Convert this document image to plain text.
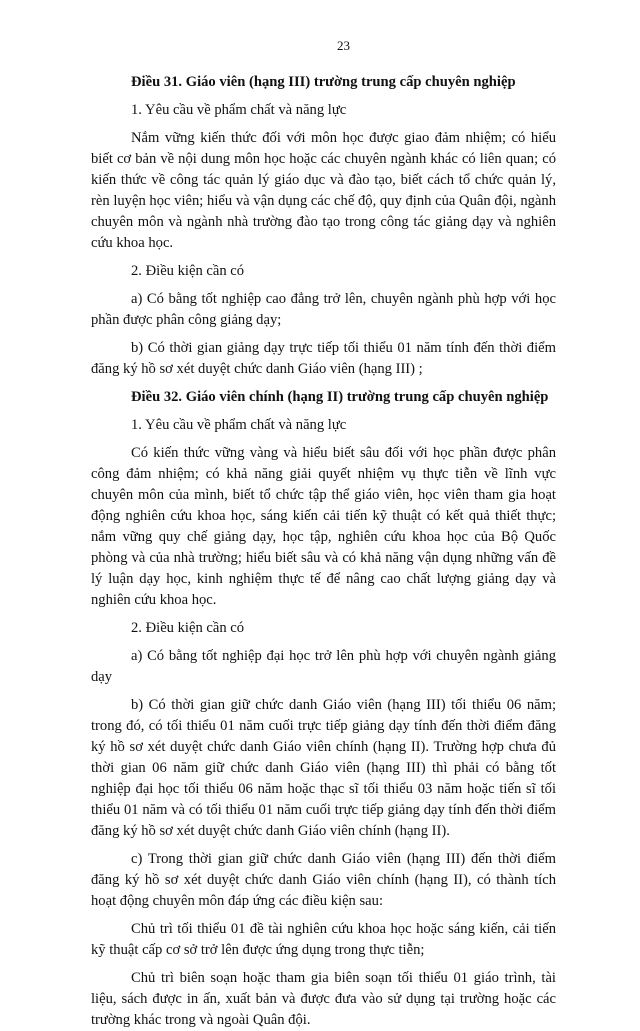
23
Điều 31. Giáo viên (hạng III) trường trung cấp chuyên nghiệp

1. Yêu cầu về phẩm chất và năng lực

Nắm vững kiến thức đối với môn học được giao đảm nhiệm; có hiểu biết cơ bản về nội dung môn học hoặc các chuyên ngành khác có liên quan; có kiến thức về công tác quản lý giáo dục và đào tạo, biết cách tổ chức quản lý, rèn luyện học viên; hiểu và vận dụng các chế độ, quy định của Quân đội, ngành chuyên môn và ngành nhà trường đào tạo trong công tác giảng dạy và nghiên cứu khoa học.

2. Điều kiện cần có

a) Có bằng tốt nghiệp cao đẳng trở lên, chuyên ngành phù hợp với học phần được phân công giảng dạy;

b) Có thời gian giảng dạy trực tiếp tối thiểu 01 năm tính đến thời điểm đăng ký hồ sơ xét duyệt chức danh Giáo viên (hạng III) ;

Điều 32. Giáo viên chính (hạng II) trường trung cấp chuyên nghiệp

1. Yêu cầu về phẩm chất và năng lực

Có kiến thức vững vàng và hiểu biết sâu đối với học phần được phân công đảm nhiệm; có khả năng giải quyết nhiệm vụ thực tiễn về lĩnh vực chuyên môn của mình, biết tổ chức tập thể giáo viên, học viên tham gia hoạt động nghiên cứu khoa học, sáng kiến cải tiến kỹ thuật có kết quả thiết thực; nắm vững quy chế giảng dạy, học tập, nghiên cứu khoa học của Bộ Quốc phòng và của nhà trường; hiểu biết sâu và có khả năng vận dụng những vấn đề lý luận dạy học, kinh nghiệm thực tế để nâng cao chất lượng giảng dạy và nghiên cứu khoa học.

2. Điều kiện cần có

a) Có bằng tốt nghiệp đại học trở lên phù hợp với chuyên ngành giảng dạy

b) Có thời gian giữ chức danh Giáo viên (hạng III) tối thiểu 06 năm; trong đó, có tối thiểu 01 năm cuối trực tiếp giảng dạy tính đến thời điểm đăng ký hồ sơ xét duyệt chức danh Giáo viên chính (hạng II). Trường hợp chưa đủ thời gian 06 năm giữ chức danh Giáo viên (hạng III) thì phải có bằng tốt nghiệp đại học tối thiểu 06 năm hoặc thạc sĩ tối thiểu 03 năm hoặc tiến sĩ tối thiểu 01 năm và có tối thiểu 01 năm cuối trực tiếp giảng dạy tính đến thời điểm đăng ký hồ sơ xét duyệt chức danh Giáo viên chính (hạng II).

c) Trong thời gian giữ chức danh Giáo viên (hạng III) đến thời điểm đăng ký hồ sơ xét duyệt chức danh Giáo viên chính (hạng II), có thành tích hoạt động chuyên môn đáp ứng các điều kiện sau:

Chủ trì tối thiểu 01 đề tài nghiên cứu khoa học hoặc sáng kiến, cải tiến kỹ thuật cấp cơ sở trở lên được ứng dụng trong thực tiễn;

Chủ trì biên soạn hoặc tham gia biên soạn tối thiểu 01 giáo trình, tài liệu, sách được in ấn, xuất bản và được đưa vào sử dụng tại trường hoặc các trường khác trong và ngoài Quân đội.
